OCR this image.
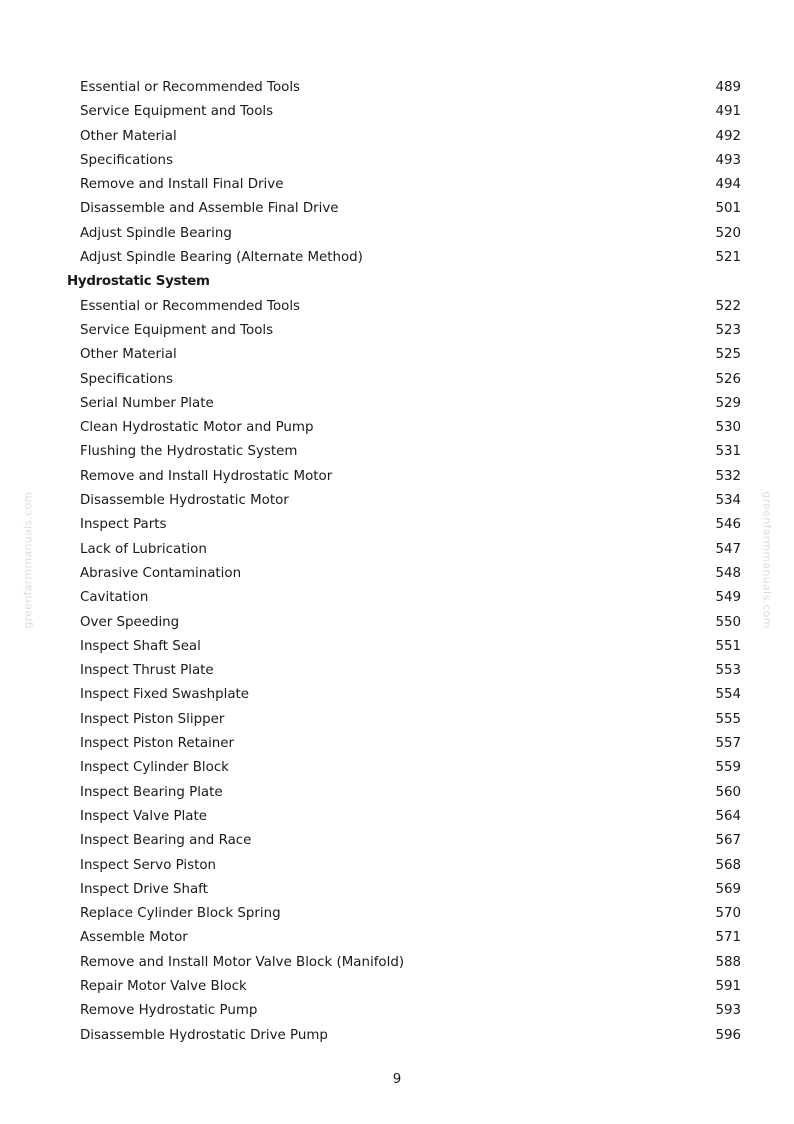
greenfarmmanuals.com	greenfarmmanuals.com
Essential or Recommended Tools	489
Service Equipment and Tools	491
Other Material	492
Specifications	493
Remove and Install Final Drive	494
Disassemble and Assemble Final Drive	501
Adjust Spindle Bearing	520
Adjust Spindle Bearing (Alternate Method)	521
Hydrostatic System
Essential or Recommended Tools	522
Service Equipment and Tools	523
Other Material	525
Specifications	526
Serial Number Plate	529
Clean Hydrostatic Motor and Pump	530
Flushing the Hydrostatic System	531
Remove and Install Hydrostatic Motor	532
Disassemble Hydrostatic Motor	534
Inspect Parts	546
Lack of Lubrication	547
Abrasive Contamination	548
Cavitation	549
Over Speeding	550
Inspect Shaft Seal	551
Inspect Thrust Plate	553
Inspect Fixed Swashplate	554
Inspect Piston Slipper	555
Inspect Piston Retainer	557
Inspect Cylinder Block	559
Inspect Bearing Plate	560
Inspect Valve Plate	564
Inspect Bearing and Race	567
Inspect Servo Piston	568
Inspect Drive Shaft	569
Replace Cylinder Block Spring	570
Assemble Motor	571
Remove and Install Motor Valve Block (Manifold)	588
Repair Motor Valve Block	591
Remove Hydrostatic Pump	593
Disassemble Hydrostatic Drive Pump	596
9
